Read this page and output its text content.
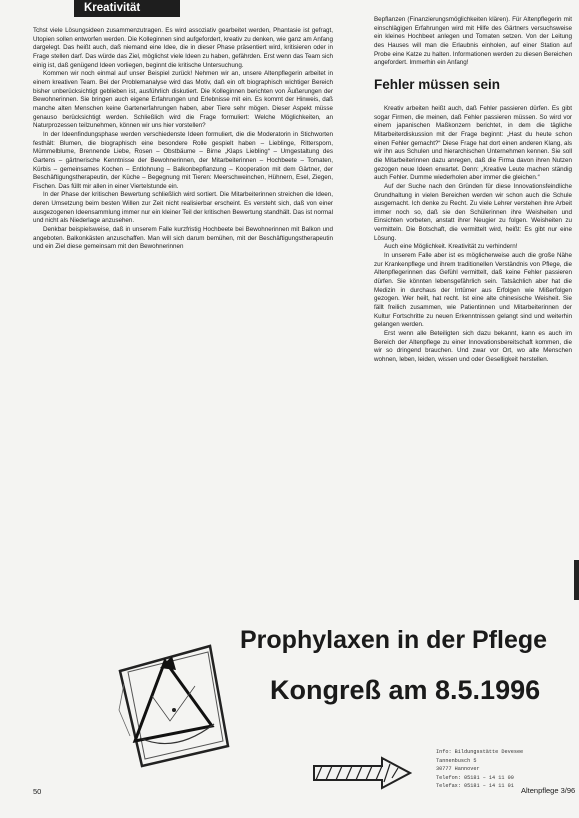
Kreativität

Tchst viele Lösungsideen zusammenzutragen. Es wird assoziativ gearbeitet werden, Phantasie ist gefragt, Utopien sollen entworfen werden. Die Kolleginnen sind aufgefordert, kreativ zu denken, wie ganz am Anfang dargelegt. Das heißt auch, daß niemand eine Idee, die in dieser Phase präsentiert wird, kritisieren oder in Frage stellen darf. Das würde das Ziel, möglichst viele Ideen zu haben, gefährden. Erst wenn das Team sich einig ist, daß genügend Ideen vorliegen, beginnt die kritische Untersuchung.

Kommen wir noch einmal auf unser Beispiel zurück! Nehmen wir an, unsere Altenpflegerin arbeitet in einem kreativen Team. Bei der Problemanalyse wird das Motiv, daß ein oft biographisch wichtiger Bereich bisher unberücksichtigt geblieben ist, ausführlich diskutiert. Die Kolleginnen berichten von Äußerungen der Bewohnerinnen. Sie bringen auch eigene Erfahrungen und Erlebnisse mit ein. Es kommt der Hinweis, daß manche alten Menschen keine Gartenerfahrungen haben, aber Tiere sehr mögen. Dieser Aspekt müsse genauso berücksichtigt werden. Schließlich wird die Frage formuliert: Welche Möglichkeiten, an Naturprozessen teilzunehmen, können wir uns hier vorstellen?

In der Ideenfindungsphase werden verschiedenste Ideen formuliert, die die Moderatorin in Stichworten festhält: Blumen, die biographisch eine besondere Rolle gespielt haben – Lieblinge, Rittersporn, Mümmelblume, Brennende Liebe, Rosen – Obstbäume – Birne „Klaps Liebling“ – Umgestaltung des Gartens – gärtnerische Kenntnisse der Bewohnerinnen, der Mitarbeiterinnen – Hochbeete – Tomaten, Kürbis – gemeinsames Kochen – Entlohnung – Balkonbepflanzung – Kooperation mit dem Gärtner, der Beschäftigungstherapeutin, der Küche – Begegnung mit Tieren: Meerschweinchen, Hühnern, Esel, Ziegen, Fischen. Das füllt mir allen in einer Viertelstunde ein.

In der Phase der kritischen Bewertung schließlich wird sortiert. Die Mitarbeiterinnen streichen die Ideen, deren Umsetzung beim besten Willen zur Zeit nicht realisierbar erscheint. Es versteht sich, daß von einer ausgezogenen Ideensammlung immer nur ein kleiner Teil der kritischen Bewertung standhält. Das ist normal und nicht als Niederlage anzusehen.

Denkbar beispielsweise, daß in unserem Falle kurzfristig Hochbeete bei Bewohnerinnen mit Balkon und angeboten. Balkonkästen anzuschaffen. Man will sich darum bemühen, mit der Beschäftigungstherapeutin und ein Ziel diese gemeinsam mit den Bewohnerinnen

Bepflanzen (Finanzierungsmöglichkeiten klären). Für Altenpflegerin mit einschlägigen Erfahrungen wird mit Hilfe des Gärtners versuchsweise ein kleines Hochbeet anlegen und Tomaten setzen. Von der Leitung des Hauses will man die Erlaubnis einholen, auf einer Station auf Probe eine Katze zu halten. Informationen werden zu diesen Bereichen angefordert. Immerhin ein Anfang!

Fehler müssen sein

Kreativ arbeiten heißt auch, daß Fehler passieren dürfen. Es gibt sogar Firmen, die meinen, daß Fehler passieren müssen. So wird vor einem japanischen Maßkonzern berichtet, in dem die tägliche Mitarbeiterdiskussion mit der Frage beginnt: „Hast du heute schon einen Fehler gemacht?“ Diese Frage hat dort einen anderen Klang, als wir ihn aus Schulen und hierarchischen Unternehmen kennen. Sie soll die Mitarbeiterinnen dazu anregen, daß die Firma davon ihren Nutzen gezogen neue Ideen erwartet. Denn: „Kreative Leute machen ständig auch Fehler. Dumme wiederholen aber immer die gleichen.“

Auf der Suche nach den Gründen für diese Innovationsfeindliche Grundhaltung in vielen Bereichen werden wir schon auch die Schule ausgemacht. Ich denke zu Recht. Zu viele Lehrer verstehen ihre Arbeit immer noch so, daß sie den Schülerinnen ihre Weisheiten und Einsichten vorbeten, anstatt ihrer Neugier zu folgen. Weisheiten zu vermitteln. Die Botschaft, die vermittelt wird, heißt: Es gibt nur eine Lösung.

Auch eine Möglichkeit. Kreativität zu verhindern!

In unserem Falle aber ist es möglicherweise auch die große Nähe zur Krankenpflege und ihrem traditionellen Verständnis von Pflege, die Altenpflegerinnen das Gefühl vermittelt, daß keine Fehler passieren dürfen. Sie könnten lebensgefährlich sein. Tatsächlich aber hat die Medizin in durchaus der Irrtümer aus Erfolgen wie Mißerfolgen gezogen. Wer heilt, hat recht. Ist eine alte chinesische Weisheit. Sie fällt freilich zusammen, wie Patientinnen und Mitarbeiterinnen der Kultur Fortschritte zu neuen Erkenntnissen gelangt sind und weiterhin gelangen werden.

Erst wenn alle Beteiligten sich dazu bekannt, kann es auch im Bereich der Altenpflege zu einer Innovationsbereitschaft kommen, die wir so dringend brauchen. Und zwar vor Ort, wo alte Menschen wohnen, leben, leiden, wissen und oder Geselligkeit herstellen.

Prophylaxen in der Pflege
Kongreß am 8.5.1996
Info: Bildungsstätte Devesee
Tannenbusch 5
30777 Hannover
Telefon: 05181 – 14 11 00
Telefax: 05181 – 14 11 01
50	Altenpflege 3/96
